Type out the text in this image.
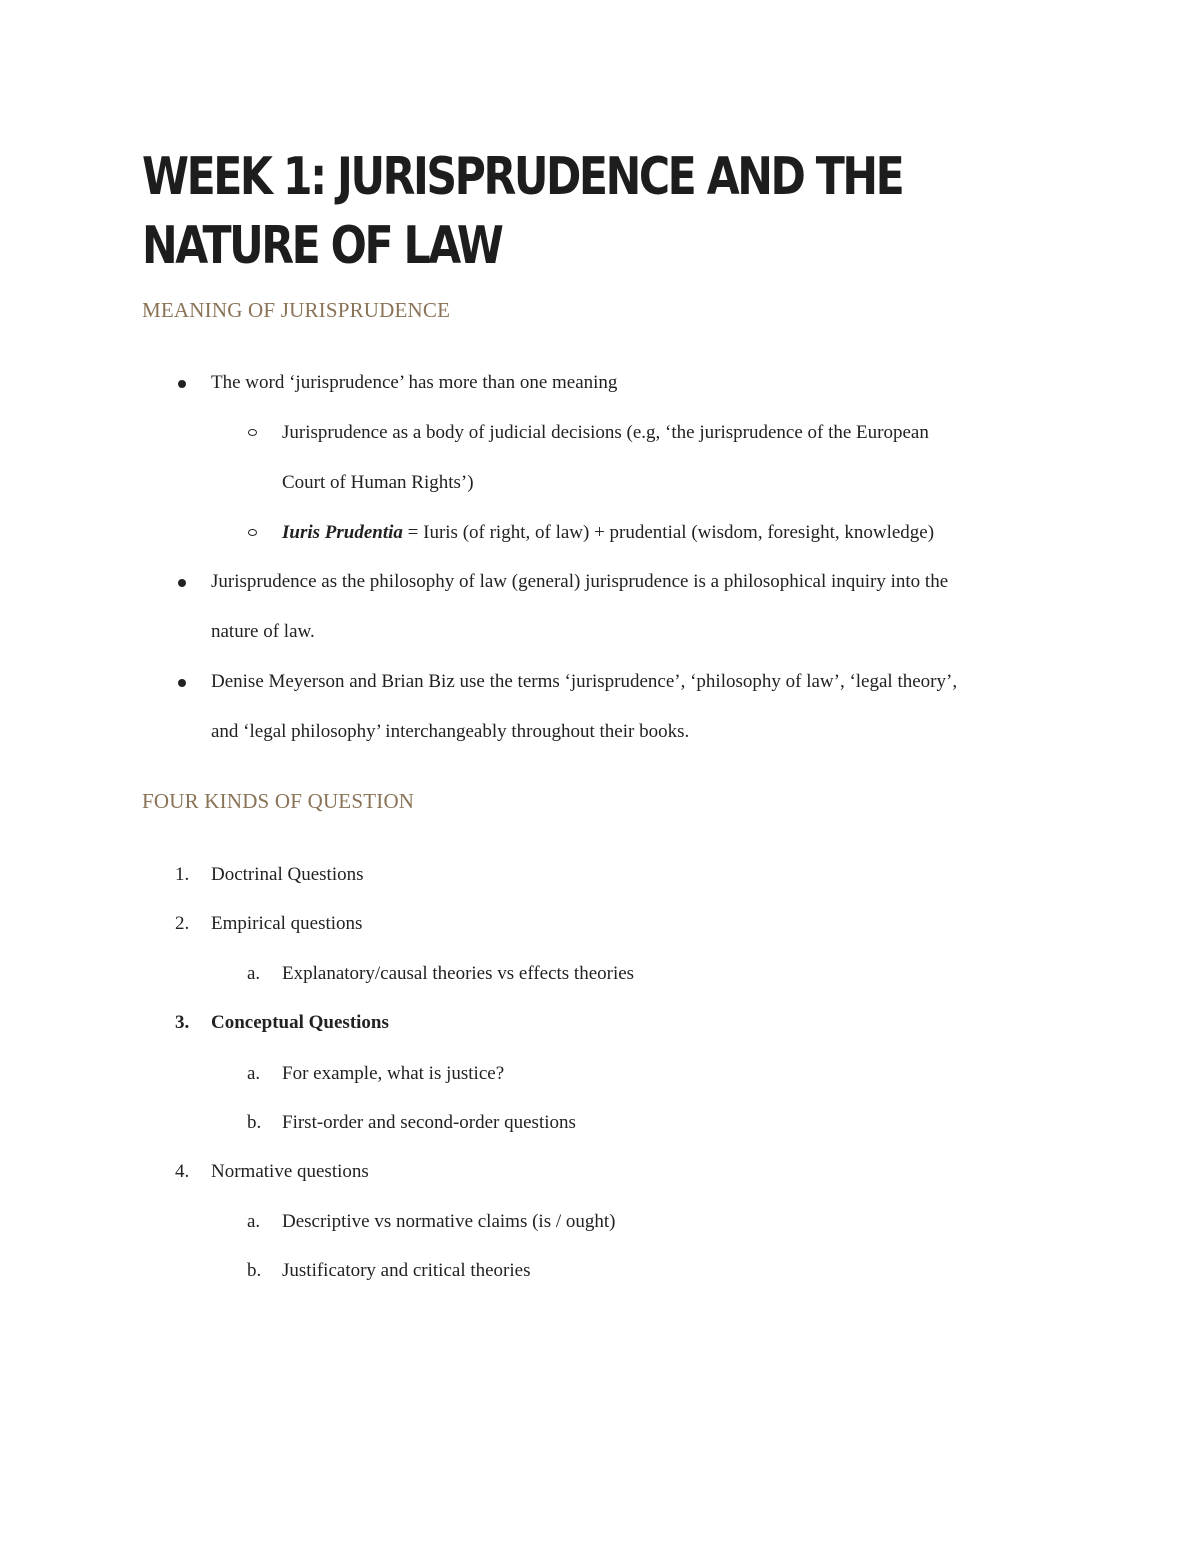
WEEK 1: JURISPRUDENCE AND THE NATURE OF LAW
MEANING OF JURISPRUDENCE
The word ‘jurisprudence’ has more than one meaning
Jurisprudence as a body of judicial decisions (e.g, ‘the jurisprudence of the European
Court of Human Rights’)
Iuris Prudentia = Iuris (of right, of law) + prudential (wisdom, foresight, knowledge)
Jurisprudence as the philosophy of law (general) jurisprudence is a philosophical inquiry into the
nature of law.
Denise Meyerson and Brian Biz use the terms ‘jurisprudence’, ‘philosophy of law’, ‘legal theory’,
and ‘legal philosophy’ interchangeably throughout their books.
FOUR KINDS OF QUESTION
1. Doctrinal Questions
2. Empirical questions
a. Explanatory/causal theories vs effects theories
3. Conceptual Questions
a. For example, what is justice?
b. First-order and second-order questions
4. Normative questions
a. Descriptive vs normative claims (is / ought)
b. Justificatory and critical theories
